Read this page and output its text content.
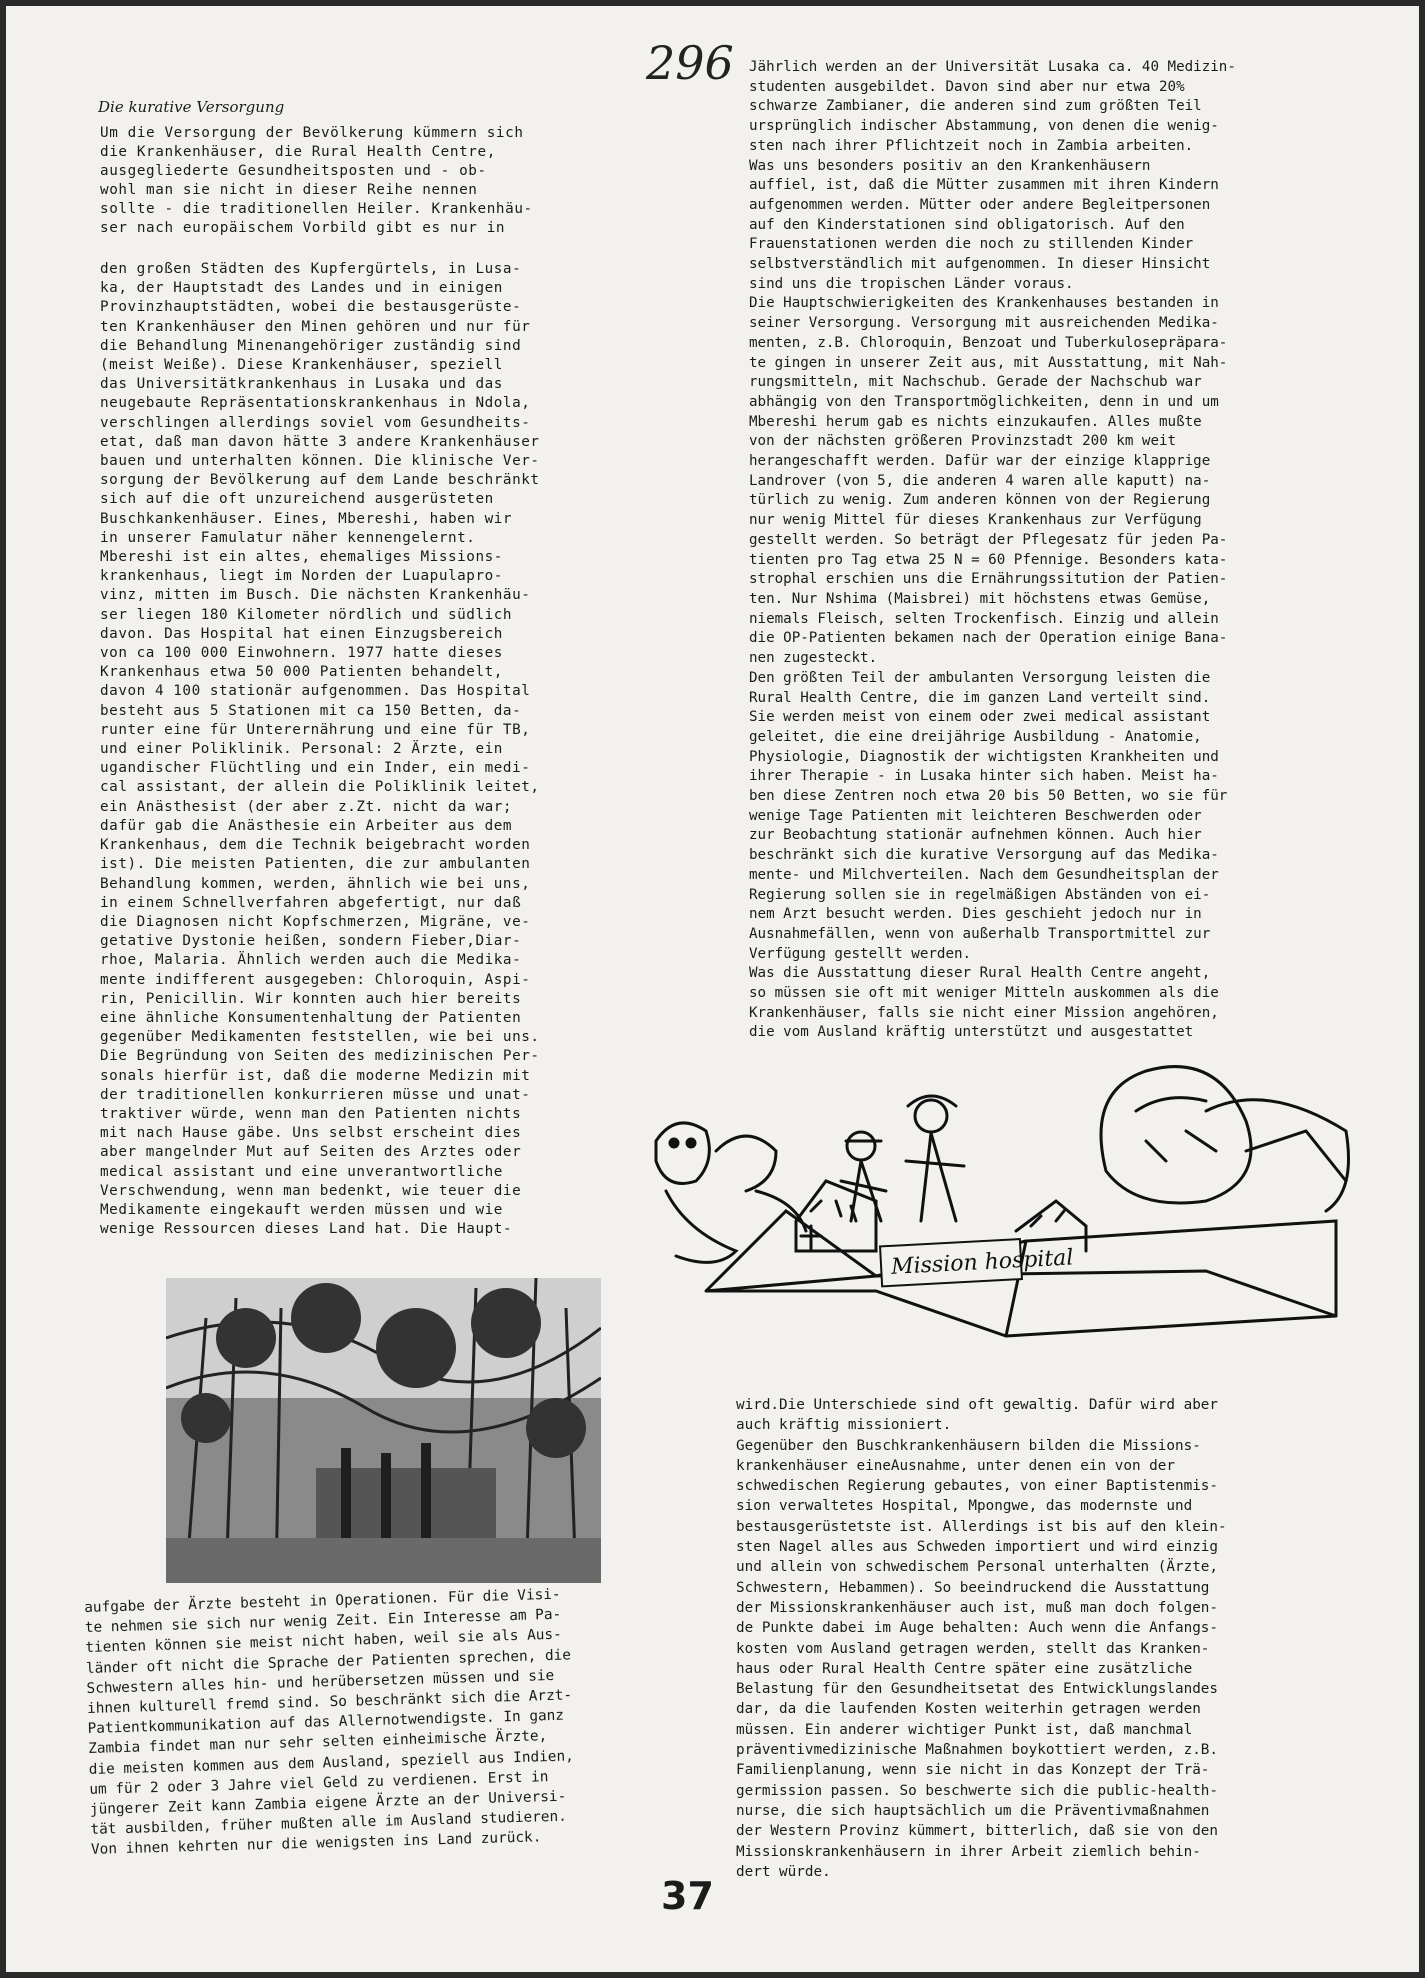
296
Die kurative Versorgung
Um die Versorgung der Bevölkerung kümmern sich
die Krankenhäuser, die Rural Health Centre,
ausgegliederte Gesundheitsposten und - ob-
wohl man sie nicht in dieser Reihe nennen
sollte - die traditionellen Heiler. Krankenhäu-
ser nach europäischem Vorbild gibt es nur in
den großen Städten des Kupfergürtels, in Lusa-
ka, der Hauptstadt des Landes und in einigen
Provinzhauptstädten, wobei die bestausgerüste-
ten Krankenhäuser den Minen gehören und nur für
die Behandlung Minenangehöriger zuständig sind
(meist Weiße). Diese Krankenhäuser, speziell
das Universitätkrankenhaus in Lusaka und das
neugebaute Repräsentationskrankenhaus in Ndola,
verschlingen allerdings soviel vom Gesundheits-
etat, daß man davon hätte 3 andere Krankenhäuser
bauen und unterhalten können. Die klinische Ver-
sorgung der Bevölkerung auf dem Lande beschränkt
sich auf die oft unzureichend ausgerüsteten
Buschkankenhäuser. Eines, Mbereshi, haben wir
in unserer Famulatur näher kennengelernt.
Mbereshi ist ein altes, ehemaliges Missions-
krankenhaus, liegt im Norden der Luapulapro-
vinz, mitten im Busch. Die nächsten Krankenhäu-
ser liegen 180 Kilometer nördlich und südlich
davon. Das Hospital hat einen Einzugsbereich
von ca 100 000 Einwohnern. 1977 hatte dieses
Krankenhaus etwa 50 000 Patienten behandelt,
davon 4 100 stationär aufgenommen. Das Hospital
besteht aus 5 Stationen mit ca 150 Betten, da-
runter eine für Unterernährung und eine für TB,
und einer Poliklinik. Personal: 2 Ärzte, ein
ugandischer Flüchtling und ein Inder, ein medi-
cal assistant, der allein die Poliklinik leitet,
ein Anästhesist (der aber z.Zt. nicht da war;
dafür gab die Anästhesie ein Arbeiter aus dem
Krankenhaus, dem die Technik beigebracht worden
ist). Die meisten Patienten, die zur ambulanten
Behandlung kommen, werden, ähnlich wie bei uns,
in einem Schnellverfahren abgefertigt, nur daß
die Diagnosen nicht Kopfschmerzen, Migräne, ve-
getative Dystonie heißen, sondern Fieber,Diar-
rhoe, Malaria. Ähnlich werden auch die Medika-
mente indifferent ausgegeben: Chloroquin, Aspi-
rin, Penicillin. Wir konnten auch hier bereits
eine ähnliche Konsumentenhaltung der Patienten
gegenüber Medikamenten feststellen, wie bei uns.
Die Begründung von Seiten des medizinischen Per-
sonals hierfür ist, daß die moderne Medizin mit
der traditionellen konkurrieren müsse und unat-
traktiver würde, wenn man den Patienten nichts
mit nach Hause gäbe. Uns selbst erscheint dies
aber mangelnder Mut auf Seiten des Arztes oder
medical assistant und eine unverantwortliche
Verschwendung, wenn man bedenkt, wie teuer die
Medikamente eingekauft werden müssen und wie
wenige Ressourcen dieses Land hat. Die Haupt-
aufgabe der Ärzte besteht in Operationen. Für die Visi-
te nehmen sie sich nur wenig Zeit. Ein Interesse am Pa-
tienten können sie meist nicht haben, weil sie als Aus-
länder oft nicht die Sprache der Patienten sprechen, die
Schwestern alles hin- und herübersetzen müssen und sie
ihnen kulturell fremd sind. So beschränkt sich die Arzt-
Patientkommunikation auf das Allernotwendigste. In ganz
Zambia findet man nur sehr selten einheimische Ärzte,
die meisten kommen aus dem Ausland, speziell aus Indien,
um für 2 oder 3 Jahre viel Geld zu verdienen. Erst in
jüngerer Zeit kann Zambia eigene Ärzte an der Universi-
tät ausbilden, früher mußten alle im Ausland studieren.
Von ihnen kehrten nur die wenigsten ins Land zurück.
Jährlich werden an der Universität Lusaka ca. 40 Medizin-
studenten ausgebildet. Davon sind aber nur etwa 20%
schwarze Zambianer, die anderen sind zum größten Teil
ursprünglich indischer Abstammung, von denen die wenig-
sten nach ihrer Pflichtzeit noch in Zambia arbeiten.
Was uns besonders positiv an den Krankenhäusern
auffiel, ist, daß die Mütter zusammen mit ihren Kindern
aufgenommen werden. Mütter oder andere Begleitpersonen
auf den Kinderstationen sind obligatorisch. Auf den
Frauenstationen werden die noch zu stillenden Kinder
selbstverständlich mit aufgenommen. In dieser Hinsicht
sind uns die tropischen Länder voraus.
Die Hauptschwierigkeiten des Krankenhauses bestanden in
seiner Versorgung. Versorgung mit ausreichenden Medika-
menten, z.B. Chloroquin, Benzoat und Tuberkulosepräpara-
te gingen in unserer Zeit aus, mit Ausstattung, mit Nah-
rungsmitteln, mit Nachschub. Gerade der Nachschub war
abhängig von den Transportmöglichkeiten, denn in und um
Mbereshi herum gab es nichts einzukaufen. Alles mußte
von der nächsten größeren Provinzstadt 200 km weit
herangeschafft werden. Dafür war der einzige klapprige
Landrover (von 5, die anderen 4 waren alle kaputt) na-
türlich zu wenig. Zum anderen können von der Regierung
nur wenig Mittel für dieses Krankenhaus zur Verfügung
gestellt werden. So beträgt der Pflegesatz für jeden Pa-
tienten pro Tag etwa 25 N = 60 Pfennige. Besonders kata-
strophal erschien uns die Ernährungssitution der Patien-
ten. Nur Nshima (Maisbrei) mit höchstens etwas Gemüse,
niemals Fleisch, selten Trockenfisch. Einzig und allein
die OP-Patienten bekamen nach der Operation einige Bana-
nen zugesteckt.
Den größten Teil der ambulanten Versorgung leisten die
Rural Health Centre, die im ganzen Land verteilt sind.
Sie werden meist von einem oder zwei medical assistant
geleitet, die eine dreijährige Ausbildung - Anatomie,
Physiologie, Diagnostik der wichtigsten Krankheiten und
ihrer Therapie - in Lusaka hinter sich haben. Meist ha-
ben diese Zentren noch etwa 20 bis 50 Betten, wo sie für
wenige Tage Patienten mit leichteren Beschwerden oder
zur Beobachtung stationär aufnehmen können. Auch hier
beschränkt sich die kurative Versorgung auf das Medika-
mente- und Milchverteilen. Nach dem Gesundheitsplan der
Regierung sollen sie in regelmäßigen Abständen von ei-
nem Arzt besucht werden. Dies geschieht jedoch nur in
Ausnahmefällen, wenn von außerhalb Transportmittel zur
Verfügung gestellt werden.
Was die Ausstattung dieser Rural Health Centre angeht,
so müssen sie oft mit weniger Mitteln auskommen als die
Krankenhäuser, falls sie nicht einer Mission angehören,
die vom Ausland kräftig unterstützt und ausgestattet
Mission hospital
wird.Die Unterschiede sind oft gewaltig. Dafür wird aber
auch kräftig missioniert.
Gegenüber den Buschkrankenhäusern bilden die Missions-
krankenhäuser eineAusnahme, unter denen ein von der
schwedischen Regierung gebautes, von einer Baptistenmis-
sion verwaltetes Hospital, Mpongwe, das modernste und
bestausgerüstetste ist. Allerdings ist bis auf den klein-
sten Nagel alles aus Schweden importiert und wird einzig
und allein von schwedischem Personal unterhalten (Ärzte,
Schwestern, Hebammen). So beeindruckend die Ausstattung
der Missionskrankenhäuser auch ist, muß man doch folgen-
de Punkte dabei im Auge behalten: Auch wenn die Anfangs-
kosten vom Ausland getragen werden, stellt das Kranken-
haus oder Rural Health Centre später eine zusätzliche
Belastung für den Gesundheitsetat des Entwicklungslandes
dar, da die laufenden Kosten weiterhin getragen werden
müssen. Ein anderer wichtiger Punkt ist, daß manchmal
präventivmedizinische Maßnahmen boykottiert werden, z.B.
Familienplanung, wenn sie nicht in das Konzept der Trä-
germission passen. So beschwerte sich die public-health-
nurse, die sich hauptsächlich um die Präventivmaßnahmen
der Western Provinz kümmert, bitterlich, daß sie von den
Missionskrankenhäusern in ihrer Arbeit ziemlich behin-
dert würde.
37
